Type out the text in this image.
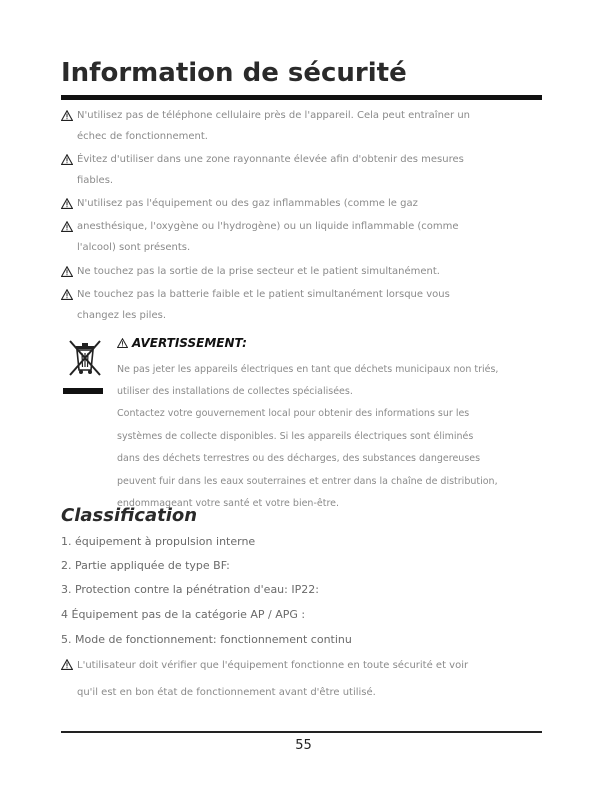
Information de sécurité
N'utilisez pas de téléphone cellulaire près de l'appareil. Cela peut entraîner un
échec de fonctionnement.
Évitez d'utiliser dans une zone rayonnante élevée afin d'obtenir des mesures
fiables.
N'utilisez pas l'équipement ou des gaz inflammables (comme le gaz
anesthésique, l'oxygène ou l'hydrogène) ou un liquide inflammable (comme
l'alcool) sont présents.
Ne touchez pas la sortie de la prise secteur et le patient simultanément.
Ne touchez pas la batterie faible et le patient simultanément lorsque vous
changez les piles.
AVERTISSEMENT:
Ne pas jeter les appareils électriques en tant que déchets municipaux non triés,
utiliser des installations de collectes spécialisées.
Contactez votre gouvernement local pour obtenir des informations sur les
systèmes de collecte disponibles. Si les appareils électriques sont éliminés
dans des déchets terrestres ou des décharges, des substances dangereuses
peuvent fuir dans les eaux souterraines et entrer dans la chaîne de distribution,
endommageant votre santé et votre bien-être.
Classification
1. équipement à propulsion interne
2. Partie appliquée de type BF:
3. Protection contre la pénétration d'eau: IP22:
4 Équipement pas de la catégorie AP / APG :
5. Mode de fonctionnement: fonctionnement continu
L'utilisateur doit vérifier que l'équipement fonctionne en toute sécurité et voir
qu'il est en bon état de fonctionnement avant d'être utilisé.
55
